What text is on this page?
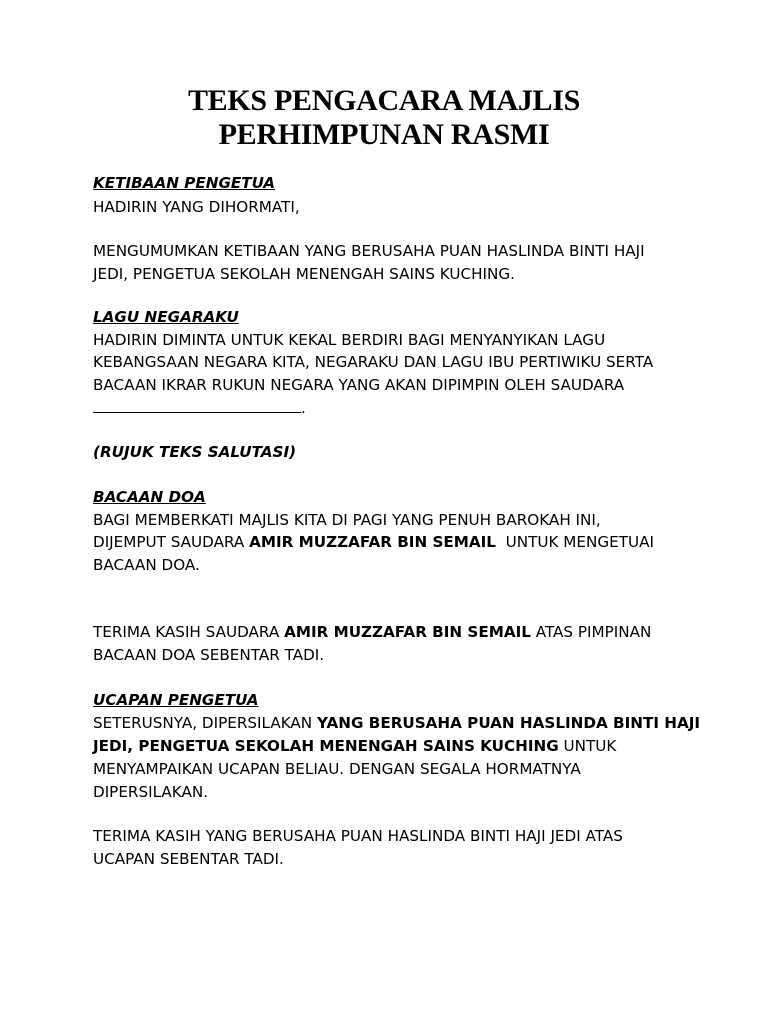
TEKS PENGACARA MAJLIS
PERHIMPUNAN RASMI
KETIBAAN PENGETUA
HADIRIN YANG DIHORMATI,
MENGUMUMKAN KETIBAAN YANG BERUSAHA PUAN HASLINDA BINTI HAJI
JEDI, PENGETUA SEKOLAH MENENGAH SAINS KUCHING.
LAGU NEGARAKU
HADIRIN DIMINTA UNTUK KEKAL BERDIRI BAGI MENYANYIKAN LAGU
KEBANGSAAN NEGARA KITA, NEGARAKU DAN LAGU IBU PERTIWIKU SERTA
BACAAN IKRAR RUKUN NEGARA YANG AKAN DIPIMPIN OLEH SAUDARA
.
(RUJUK TEKS SALUTASI)
BACAAN DOA
BAGI MEMBERKATI MAJLIS KITA DI PAGI YANG PENUH BAROKAH INI,
DIJEMPUT SAUDARA AMIR MUZZAFAR BIN SEMAIL  UNTUK MENGETUAI
BACAAN DOA.
TERIMA KASIH SAUDARA AMIR MUZZAFAR BIN SEMAIL ATAS PIMPINAN
BACAAN DOA SEBENTAR TADI.
UCAPAN PENGETUA
SETERUSNYA, DIPERSILAKAN YANG BERUSAHA PUAN HASLINDA BINTI HAJI
JEDI, PENGETUA SEKOLAH MENENGAH SAINS KUCHING UNTUK
MENYAMPAIKAN UCAPAN BELIAU. DENGAN SEGALA HORMATNYA
DIPERSILAKAN.
TERIMA KASIH YANG BERUSAHA PUAN HASLINDA BINTI HAJI JEDI ATAS
UCAPAN SEBENTAR TADI.
